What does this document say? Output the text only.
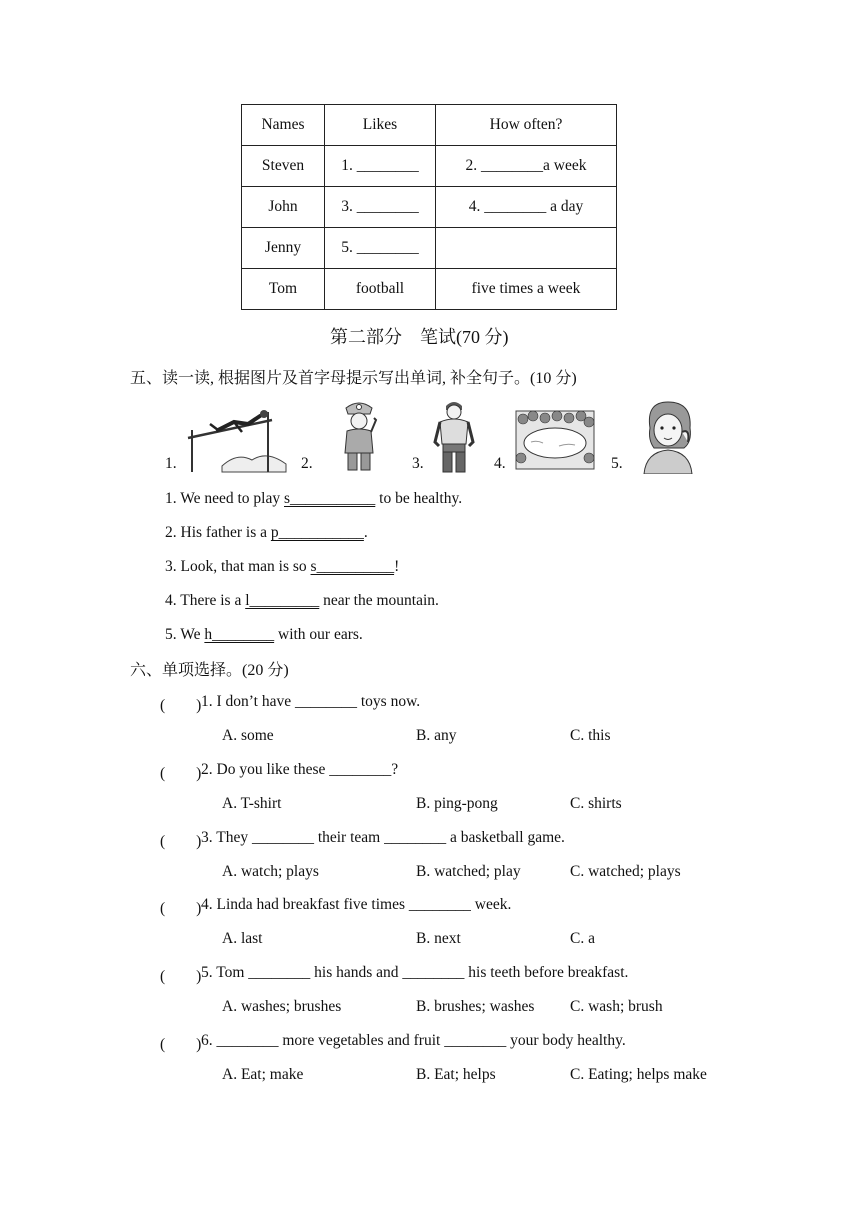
Names	Likes	How often?
Steven	1. ________	2. ________a week
John	3. ________	4. ________ a day
Jenny	5. ________	
Tom	football	five times a week
第二部分　笔试(70 分)
五、读一读, 根据图片及首字母提示写出单词, 补全句子。(10 分)
1.	2.	3.	4.	5.
1. We need to play s___________ to be healthy.
2. His father is a p___________.
3. Look, that man is so s__________!
4. There is a l_________ near the mountain.
5. We h________ with our ears.
六、单项选择。(20 分)
(　　) 1. I don’t have ________ toys now.
A. some	B. any	C. this
(　　) 2. Do you like these ________?
A. T-shirt	B. ping-pong	C. shirts
(　　) 3. They ________ their team ________ a basketball game.
A. watch; plays	B. watched; play	C. watched; plays
(　　) 4. Linda had breakfast five times ________ week.
A. last	B. next	C. a
(　　) 5. Tom ________ his hands and ________ his teeth before breakfast.
A. washes; brushes	B. brushes; washes C. wash; brush
(　　) 6. ________ more vegetables and fruit ________ your body healthy.
A. Eat; make	B. Eat; helps	C. Eating; helps make
